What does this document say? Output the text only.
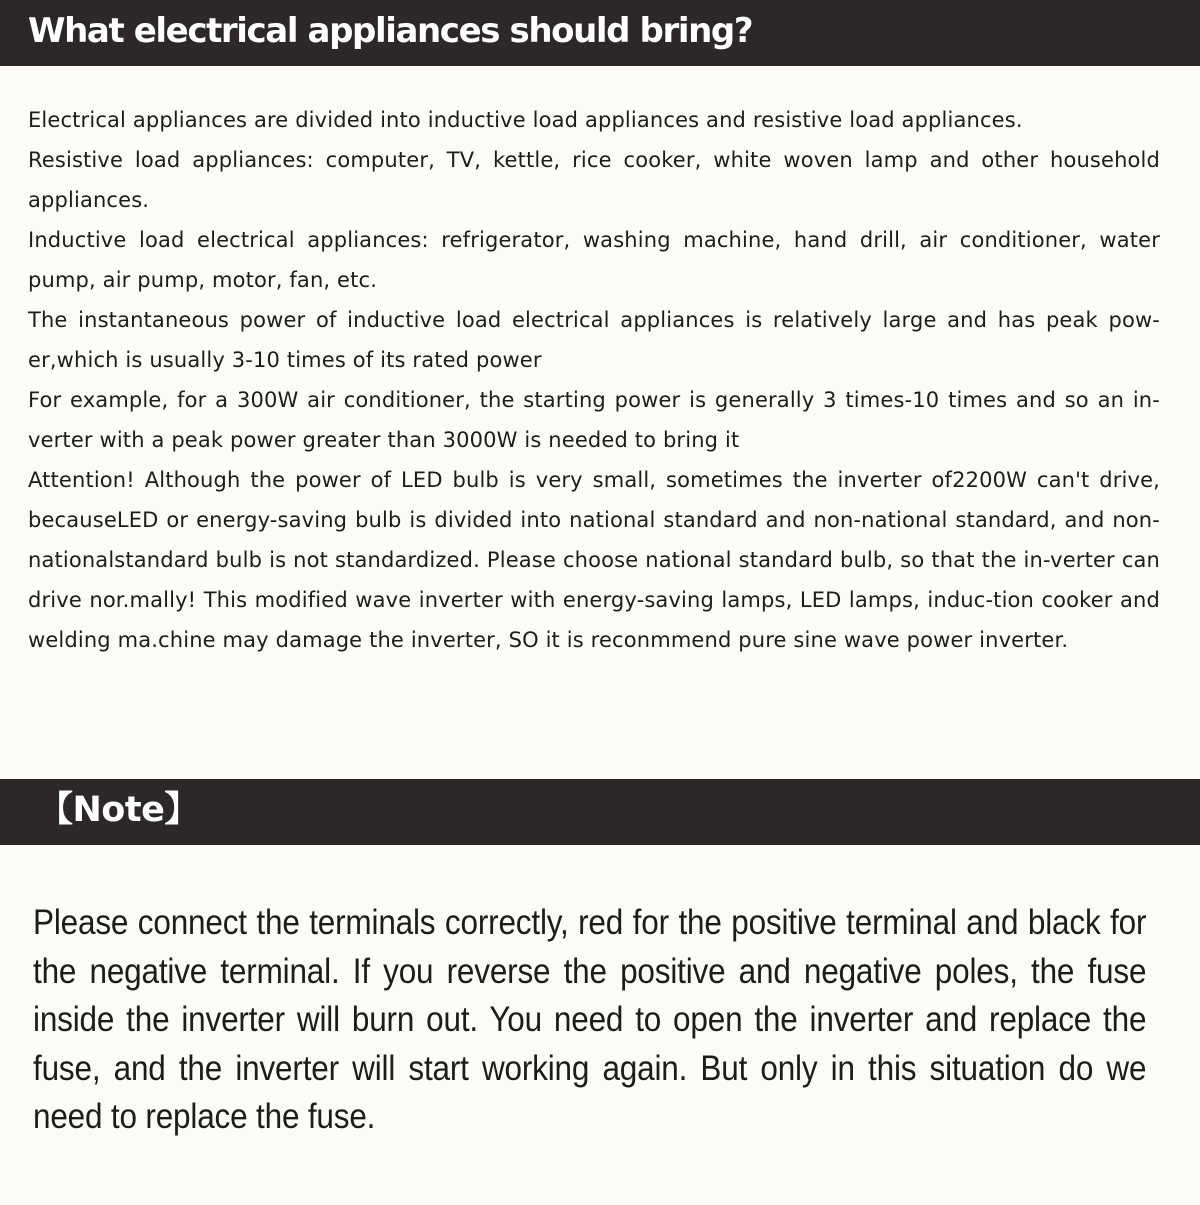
What electrical appliances should bring?

Electrical appliances are divided into inductive load appliances and resistive load appliances.

Resistive load appliances: computer, TV, kettle, rice cooker, white woven lamp and other household appliances.

Inductive load electrical appliances: refrigerator, washing machine, hand drill, air conditioner, water pump, air pump, motor, fan, etc.

The instantaneous power of inductive load electrical appliances is relatively large and has peak pow-er,which is usually 3-10 times of its rated power

For example, for a 300W air conditioner, the starting power is generally 3 times-10 times and so an in-verter with a peak power greater than 3000W is needed to bring it

Attention! Although the power of LED bulb is very small, sometimes the inverter of2200W can't drive, becauseLED or energy-saving bulb is divided into national standard and non-national standard, and non-nationalstandard bulb is not standardized. Please choose national standard bulb, so that the in-verter can drive nor.mally! This modified wave inverter with energy-saving lamps, LED lamps, induc-tion cooker and welding ma.chine may damage the inverter, SO it is reconmmend pure sine wave power inverter.

【Note】

Please connect the terminals correctly, red for the positive terminal and black for the negative terminal. If you reverse the positive and negative poles, the fuse inside the inverter will burn out. You need to open the inverter and replace the fuse, and the inverter will start working again. But only in this situation do we need to replace the fuse.
